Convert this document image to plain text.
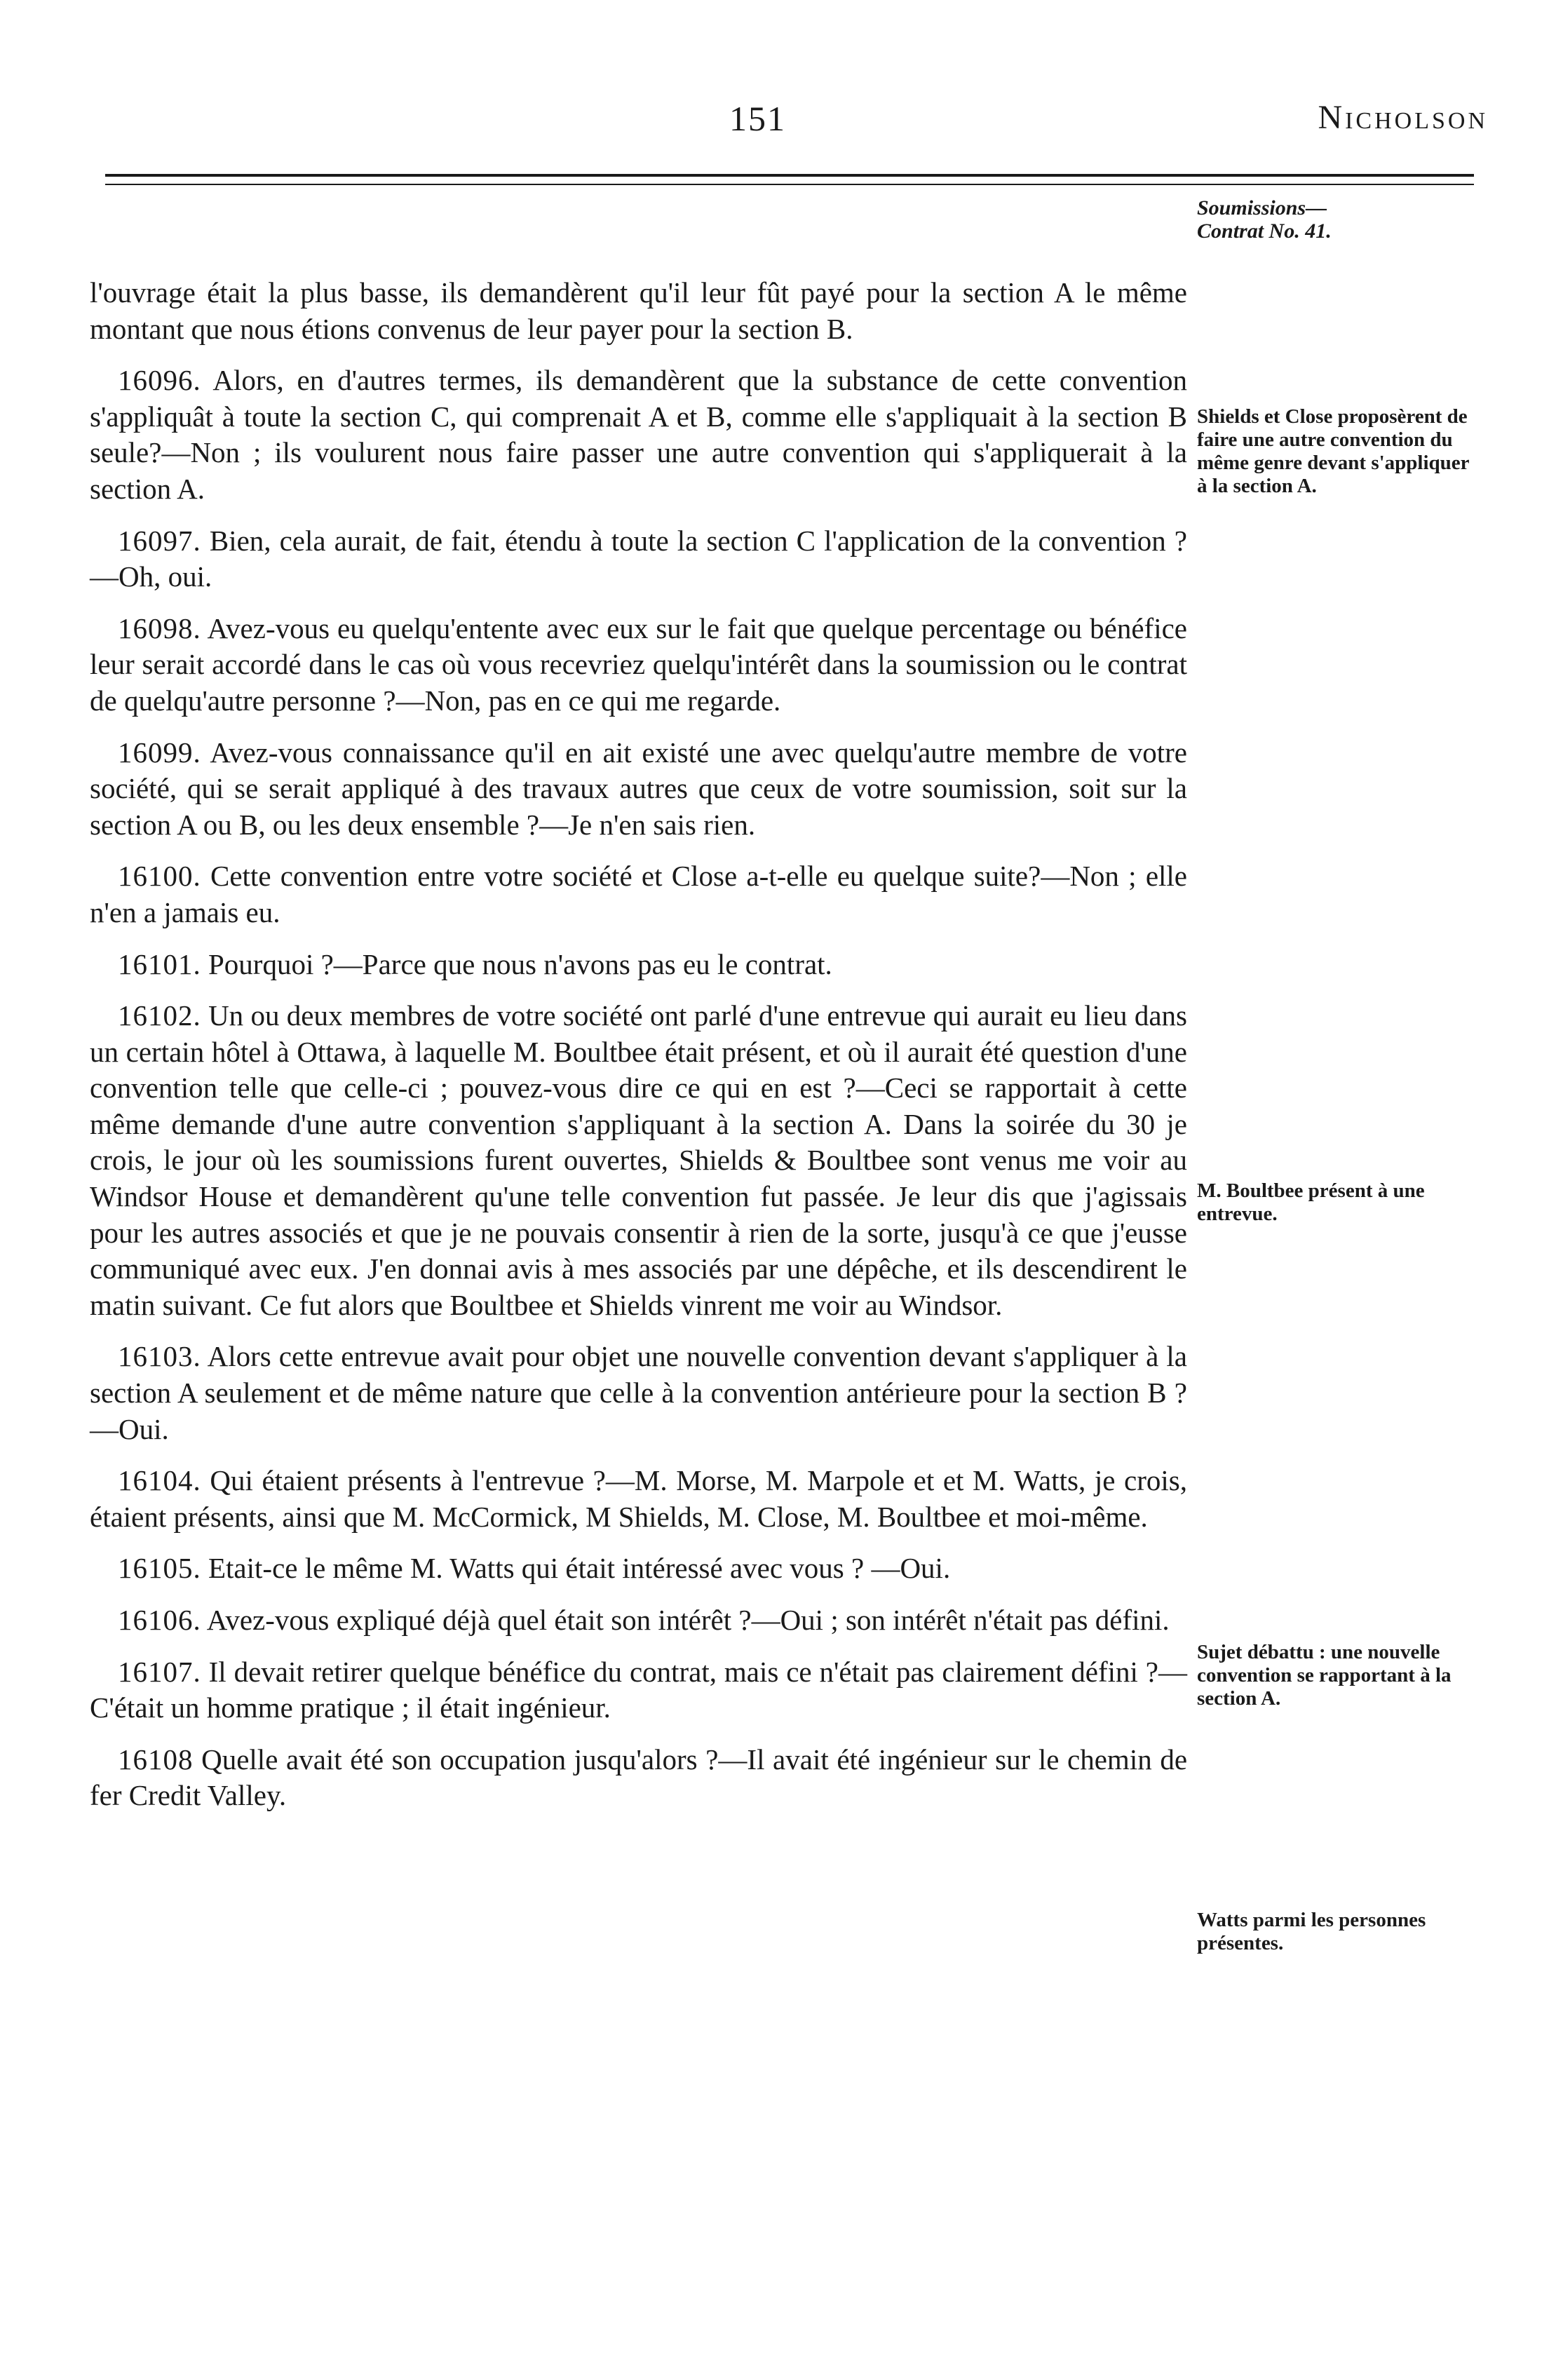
151	Nicholson
Soumissions—
Contrat No. 41.
Shields et Close proposèrent de faire une autre convention du même genre devant s'appliquer à la section A.
M. Boultbee présent à une entrevue.
Sujet débattu : une nouvelle convention se rapportant à la section A.
Watts parmi les personnes présentes.

l'ouvrage était la plus basse, ils demandèrent qu'il leur fût payé pour la section A le même montant que nous étions convenus de leur payer pour la section B.

16096. Alors, en d'autres termes, ils demandèrent que la substance de cette convention s'appliquât à toute la section C, qui comprenait A et B, comme elle s'appliquait à la section B seule?—Non ; ils voulurent nous faire passer une autre convention qui s'appliquerait à la section A.

16097. Bien, cela aurait, de fait, étendu à toute la section C l'application de la convention ?—Oh, oui.

16098. Avez-vous eu quelqu'entente avec eux sur le fait que quelque percentage ou bénéfice leur serait accordé dans le cas où vous recevriez quelqu'intérêt dans la soumission ou le contrat de quelqu'autre personne ?—Non, pas en ce qui me regarde.

16099. Avez-vous connaissance qu'il en ait existé une avec quelqu'autre membre de votre société, qui se serait appliqué à des travaux autres que ceux de votre soumission, soit sur la section A ou B, ou les deux ensemble ?—Je n'en sais rien.

16100. Cette convention entre votre société et Close a-t-elle eu quelque suite?—Non ; elle n'en a jamais eu.

16101. Pourquoi ?—Parce que nous n'avons pas eu le contrat.

16102. Un ou deux membres de votre société ont parlé d'une entrevue qui aurait eu lieu dans un certain hôtel à Ottawa, à laquelle M. Boultbee était présent, et où il aurait été question d'une convention telle que celle-ci ; pouvez-vous dire ce qui en est ?—Ceci se rapportait à cette même demande d'une autre convention s'appliquant à la section A. Dans la soirée du 30 je crois, le jour où les soumissions furent ouvertes, Shields & Boultbee sont venus me voir au Windsor House et demandèrent qu'une telle convention fut passée. Je leur dis que j'agissais pour les autres associés et que je ne pouvais consentir à rien de la sorte, jusqu'à ce que j'eusse communiqué avec eux. J'en donnai avis à mes associés par une dépêche, et ils descendirent le matin suivant. Ce fut alors que Boultbee et Shields vinrent me voir au Windsor.

16103. Alors cette entrevue avait pour objet une nouvelle convention devant s'appliquer à la section A seulement et de même nature que celle à la convention antérieure pour la section B ?—Oui.

16104. Qui étaient présents à l'entrevue ?—M. Morse, M. Marpole et et M. Watts, je crois, étaient présents, ainsi que M. McCormick, M Shields, M. Close, M. Boultbee et moi-même.

16105. Etait-ce le même M. Watts qui était intéressé avec vous ? —Oui.

16106. Avez-vous expliqué déjà quel était son intérêt ?—Oui ; son intérêt n'était pas défini.

16107. Il devait retirer quelque bénéfice du contrat, mais ce n'était pas clairement défini ?—C'était un homme pratique ; il était ingénieur.

16108 Quelle avait été son occupation jusqu'alors ?—Il avait été ingénieur sur le chemin de fer Credit Valley.
